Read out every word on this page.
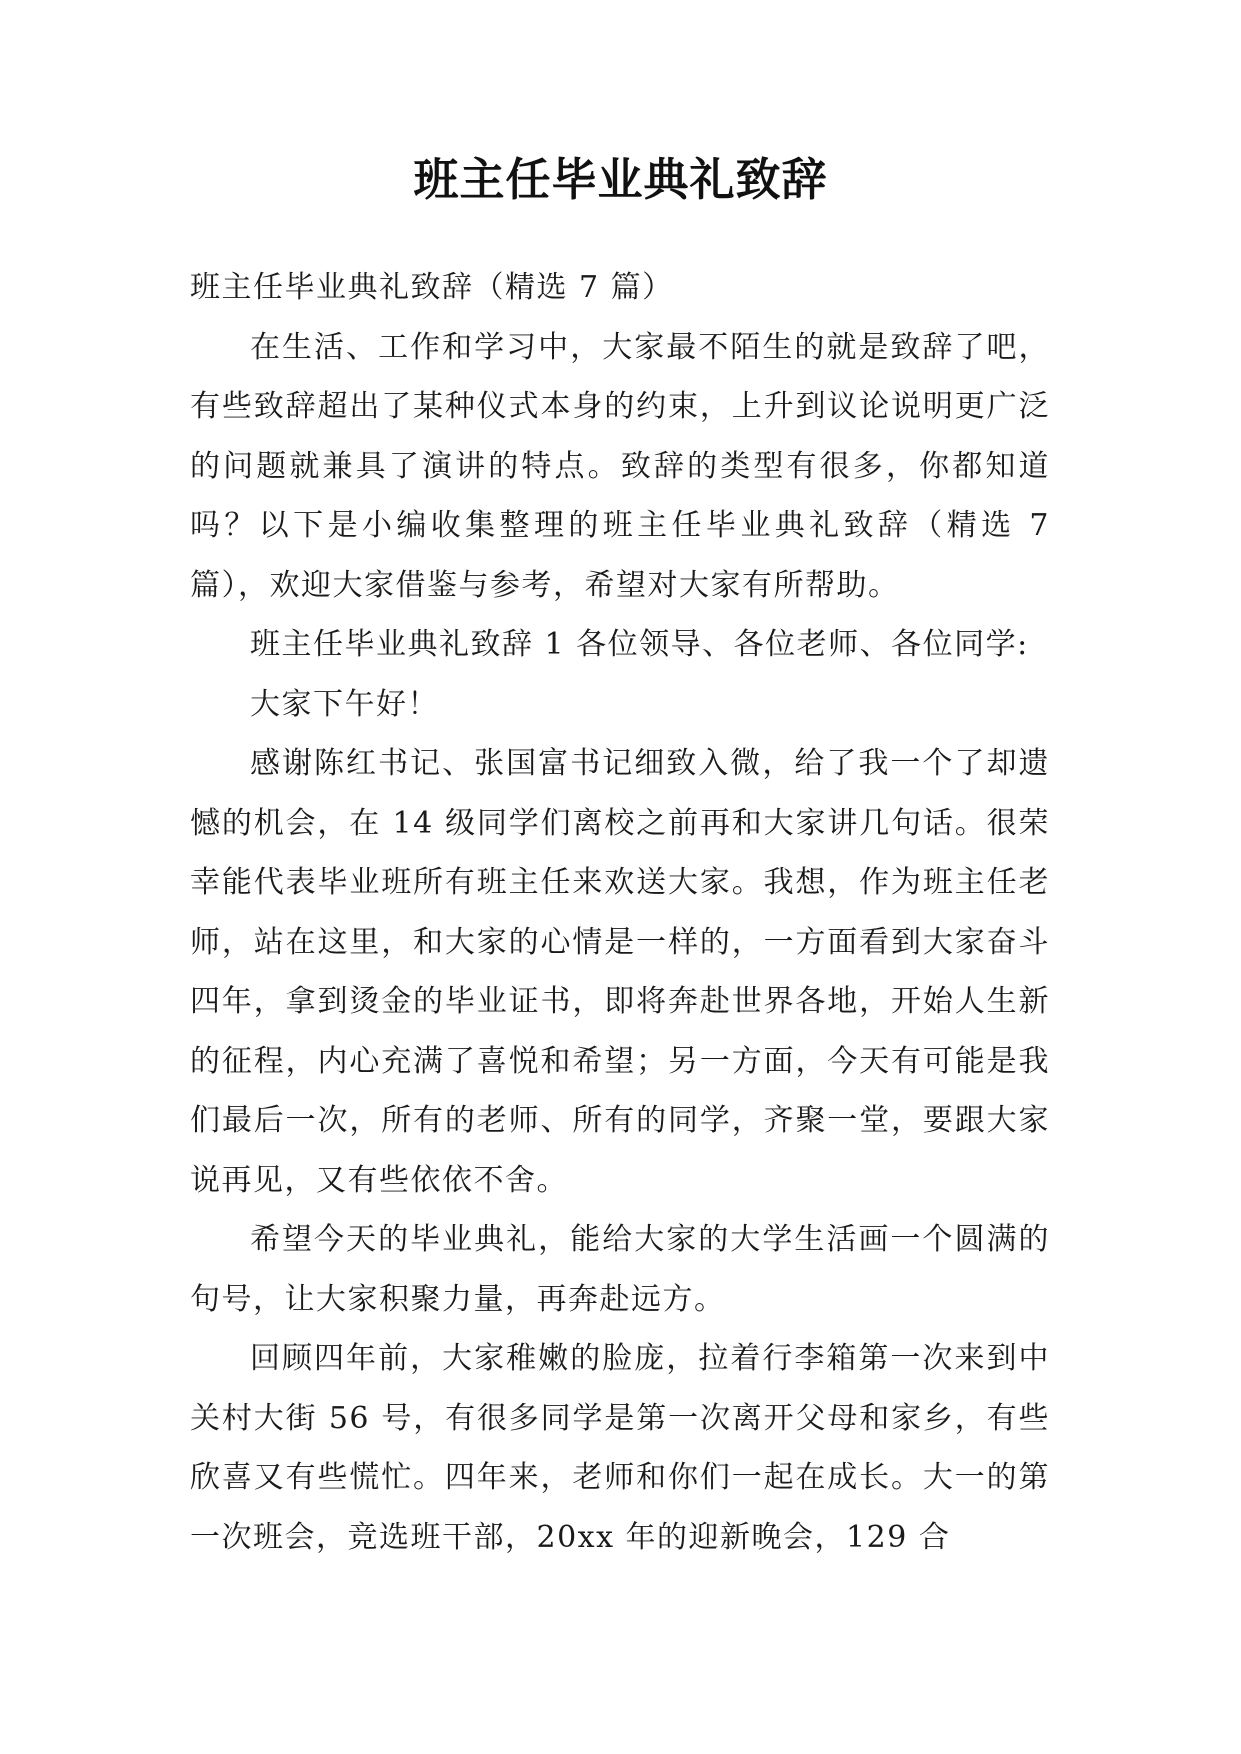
班主任毕业典礼致辞

班主任毕业典礼致辞（精选 7 篇）

在生活、工作和学习中，大家最不陌生的就是致辞了吧，有些致辞超出了某种仪式本身的约束，上升到议论说明更广泛的问题就兼具了演讲的特点。致辞的类型有很多，你都知道吗？以下是小编收集整理的班主任毕业典礼致辞（精选 7 篇），欢迎大家借鉴与参考，希望对大家有所帮助。

班主任毕业典礼致辞 1 各位领导、各位老师、各位同学:

大家下午好！

感谢陈红书记、张国富书记细致入微，给了我一个了却遗憾的机会，在 14 级同学们离校之前再和大家讲几句话。很荣幸能代表毕业班所有班主任来欢送大家。我想，作为班主任老师，站在这里，和大家的心情是一样的，一方面看到大家奋斗四年，拿到烫金的毕业证书，即将奔赴世界各地，开始人生新的征程，内心充满了喜悦和希望；另一方面，今天有可能是我们最后一次，所有的老师、所有的同学，齐聚一堂，要跟大家说再见，又有些依依不舍。

希望今天的毕业典礼，能给大家的大学生活画一个圆满的句号，让大家积聚力量，再奔赴远方。

回顾四年前，大家稚嫩的脸庞，拉着行李箱第一次来到中关村大街 56 号，有很多同学是第一次离开父母和家乡，有些欣喜又有些慌忙。四年来，老师和你们一起在成长。大一的第一次班会，竞选班干部，20xx 年的迎新晚会，129 合
